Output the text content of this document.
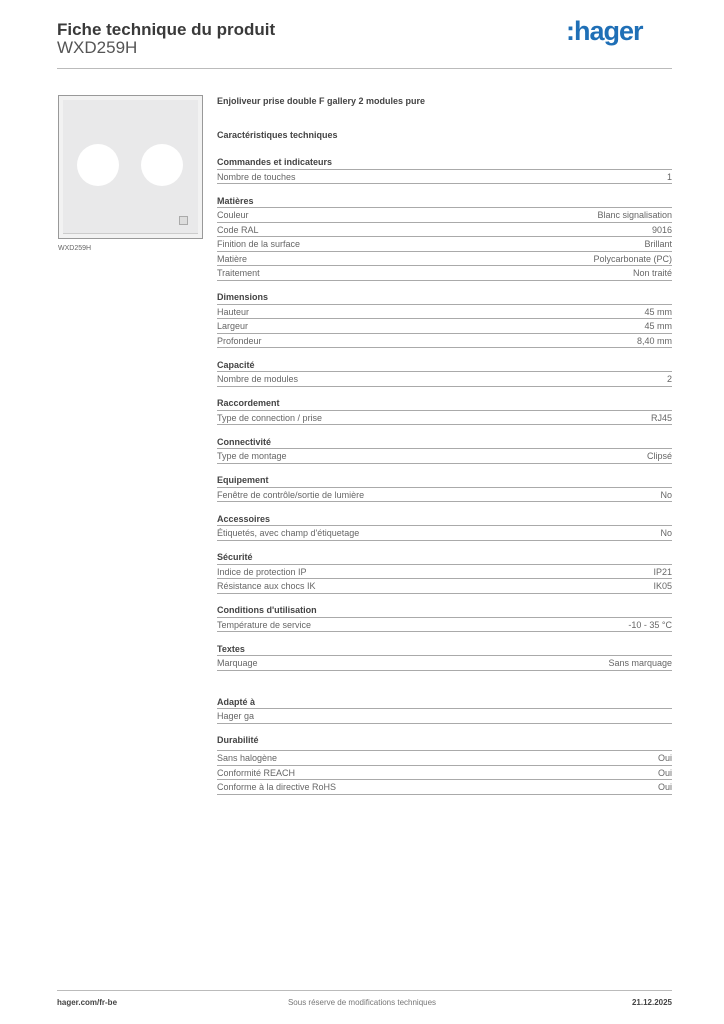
Fiche technique du produit
WXD259H
:hager
WXD259H
Enjoliveur prise double F gallery 2 modules pure
Caractéristiques techniques
Commandes et indicateurs
Nombre de touches	1
Matières
Couleur	Blanc signalisation
Code RAL	9016
Finition de la surface	Brillant
Matière	Polycarbonate (PC)
Traitement	Non traité
Dimensions
Hauteur	45 mm
Largeur	45 mm
Profondeur	8,40 mm
Capacité
Nombre de modules	2
Raccordement
Type de connection / prise	RJ45
Connectivité
Type de montage	Clipsé
Equipement
Fenêtre de contrôle/sortie de lumière	No
Accessoires
Étiquetés, avec champ d'étiquetage	No
Sécurité
Indice de protection IP	IP21
Résistance aux chocs IK	IK05
Conditions d'utilisation
Température de service	-10 - 35 °C
Textes
Marquage	Sans marquage
Adapté à
Hager ga
Durabilité
Sans halogène	Oui
Conformité REACH	Oui
Conforme à la directive RoHS	Oui
hager.com/fr-be	Sous réserve de modifications techniques	21.12.2025
